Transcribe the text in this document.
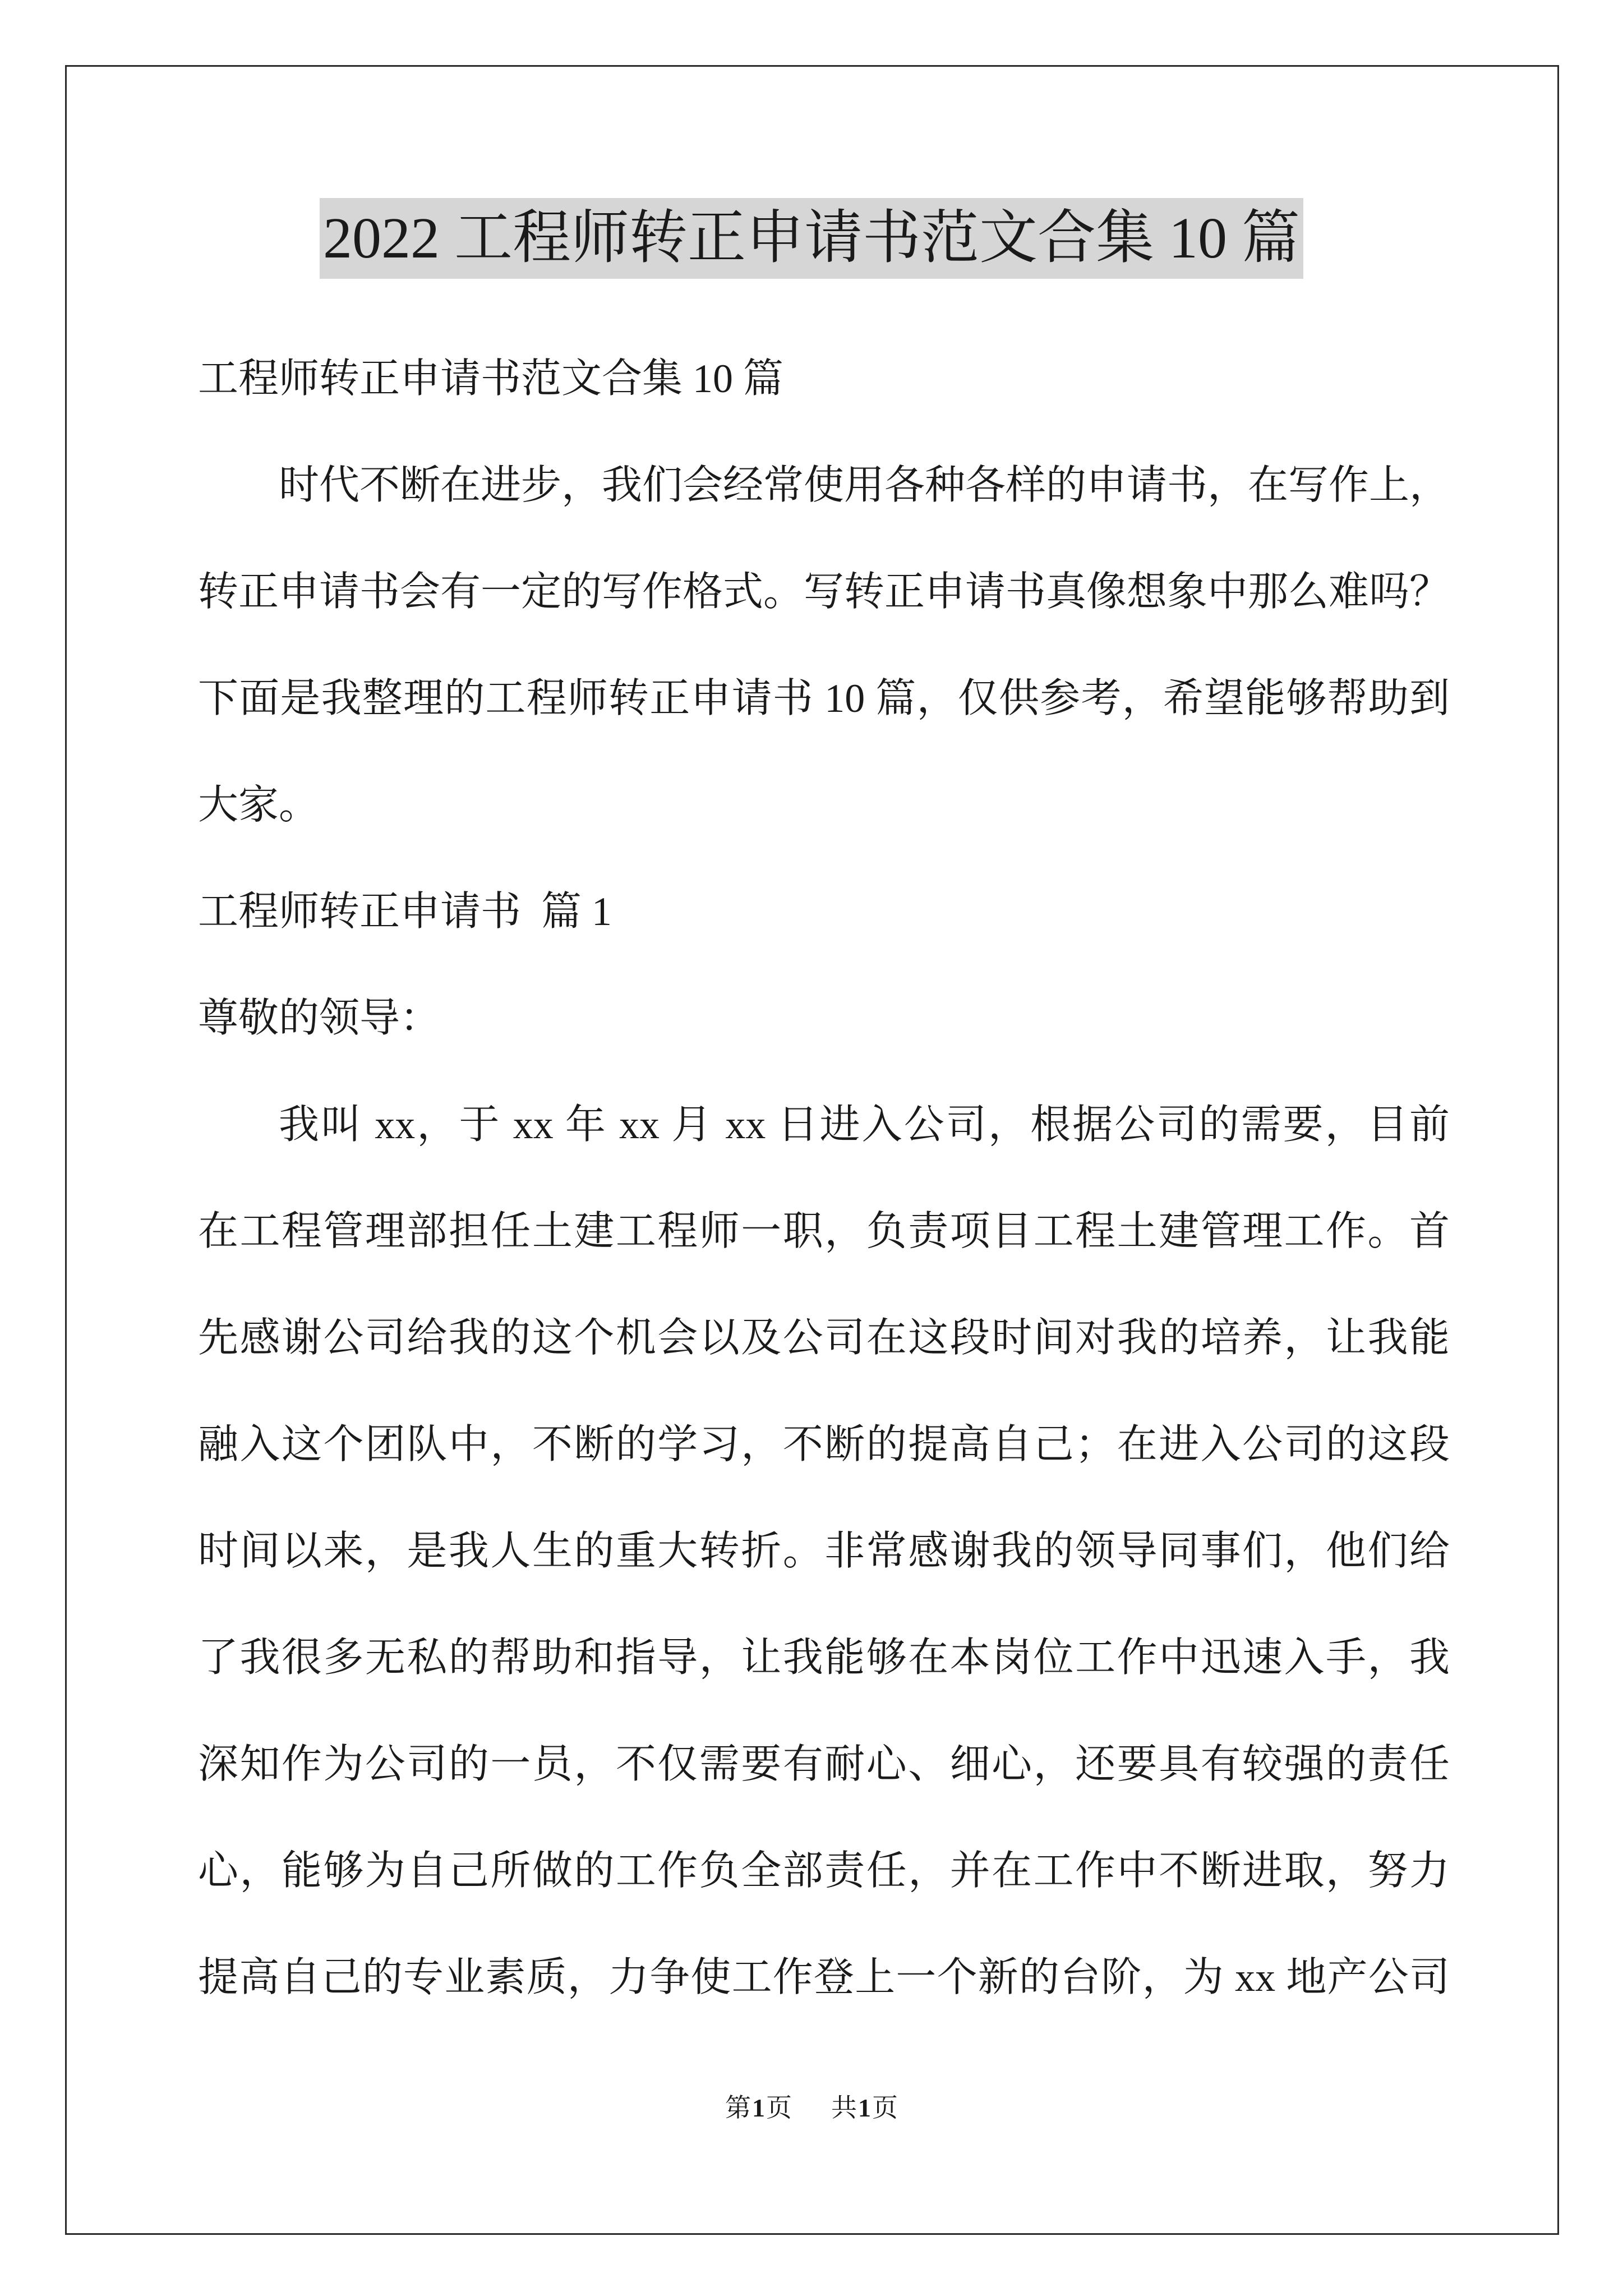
2022 工程师转正申请书范文合集 10 篇
工程师转正申请书范文合集 10 篇
时代不断在进步，我们会经常使用各种各样的申请书，在写作上，
转正申请书会有一定的写作格式。写转正申请书真像想象中那么难吗？
下面是我整理的工程师转正申请书 10 篇，仅供参考，希望能够帮助到
大家。
工程师转正申请书  篇 1
尊敬的领导：
我叫 xx，于 xx 年 xx 月 xx 日进入公司，根据公司的需要，目前
在工程管理部担任土建工程师一职，负责项目工程土建管理工作。首
先感谢公司给我的这个机会以及公司在这段时间对我的培养，让我能
融入这个团队中，不断的学习，不断的提高自己；在进入公司的这段
时间以来，是我人生的重大转折。非常感谢我的领导同事们，他们给
了我很多无私的帮助和指导，让我能够在本岗位工作中迅速入手，我
深知作为公司的一员，不仅需要有耐心、细心，还要具有较强的责任
心，能够为自己所做的工作负全部责任，并在工作中不断进取，努力
提高自己的专业素质，力争使工作登上一个新的台阶，为 xx 地产公司
第1页 共1页
